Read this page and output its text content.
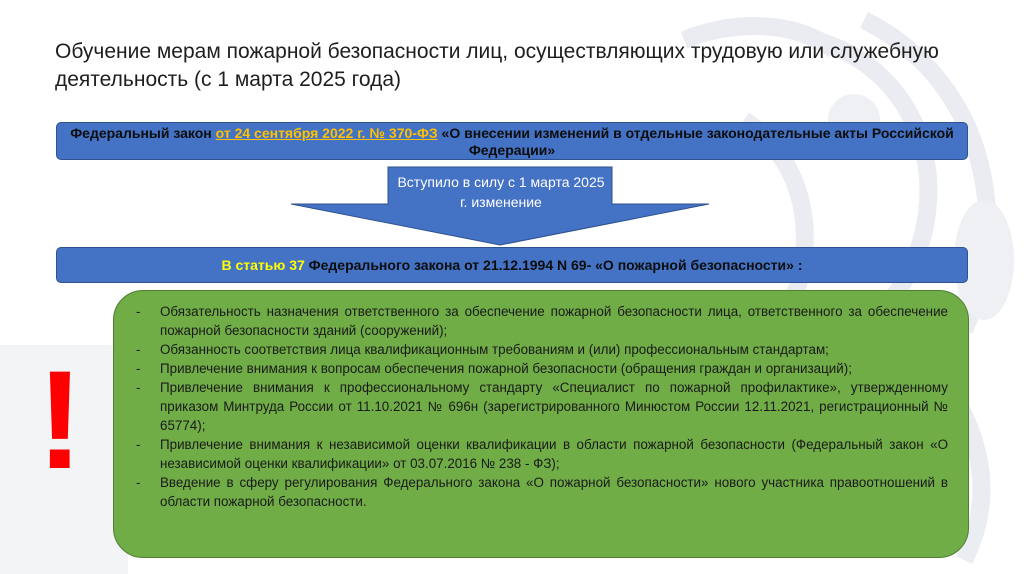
Обучение мерам пожарной безопасности лиц, осуществляющих трудовую или служебную деятельность (с 1 марта 2025 года)
Федеральный закон от 24 сентября 2022 г. № 370-ФЗ «О внесении изменений в отдельные законодательные акты Российской Федерации»
Вступило в силу с 1 марта 2025 г. изменение
В статью 37 Федерального закона от 21.12.1994 N 69- «О пожарной безопасности» :
!
- Обязательность назначения ответственного за обеспечение пожарной безопасности лица, ответственного за обеспечение пожарной безопасности зданий (сооружений);
- Обязанность соответствия лица квалификационным требованиям и (или) профессиональным стандартам;
- Привлечение внимания к вопросам обеспечения пожарной безопасности (обращения граждан и организаций);
- Привлечение внимания к профессиональному стандарту «Специалист по пожарной профилактике», утвержденному приказом Минтруда России от 11.10.2021 № 696н (зарегистрированного Минюстом России 12.11.2021, регистрационный № 65774);
- Привлечение внимания к независимой оценки квалификации в области пожарной безопасности (Федеральный закон «О независимой оценки квалификации» от 03.07.2016 № 238 - ФЗ);
- Введение в сферу регулирования Федерального закона «О пожарной безопасности» нового участника правоотношений в области пожарной безопасности.
